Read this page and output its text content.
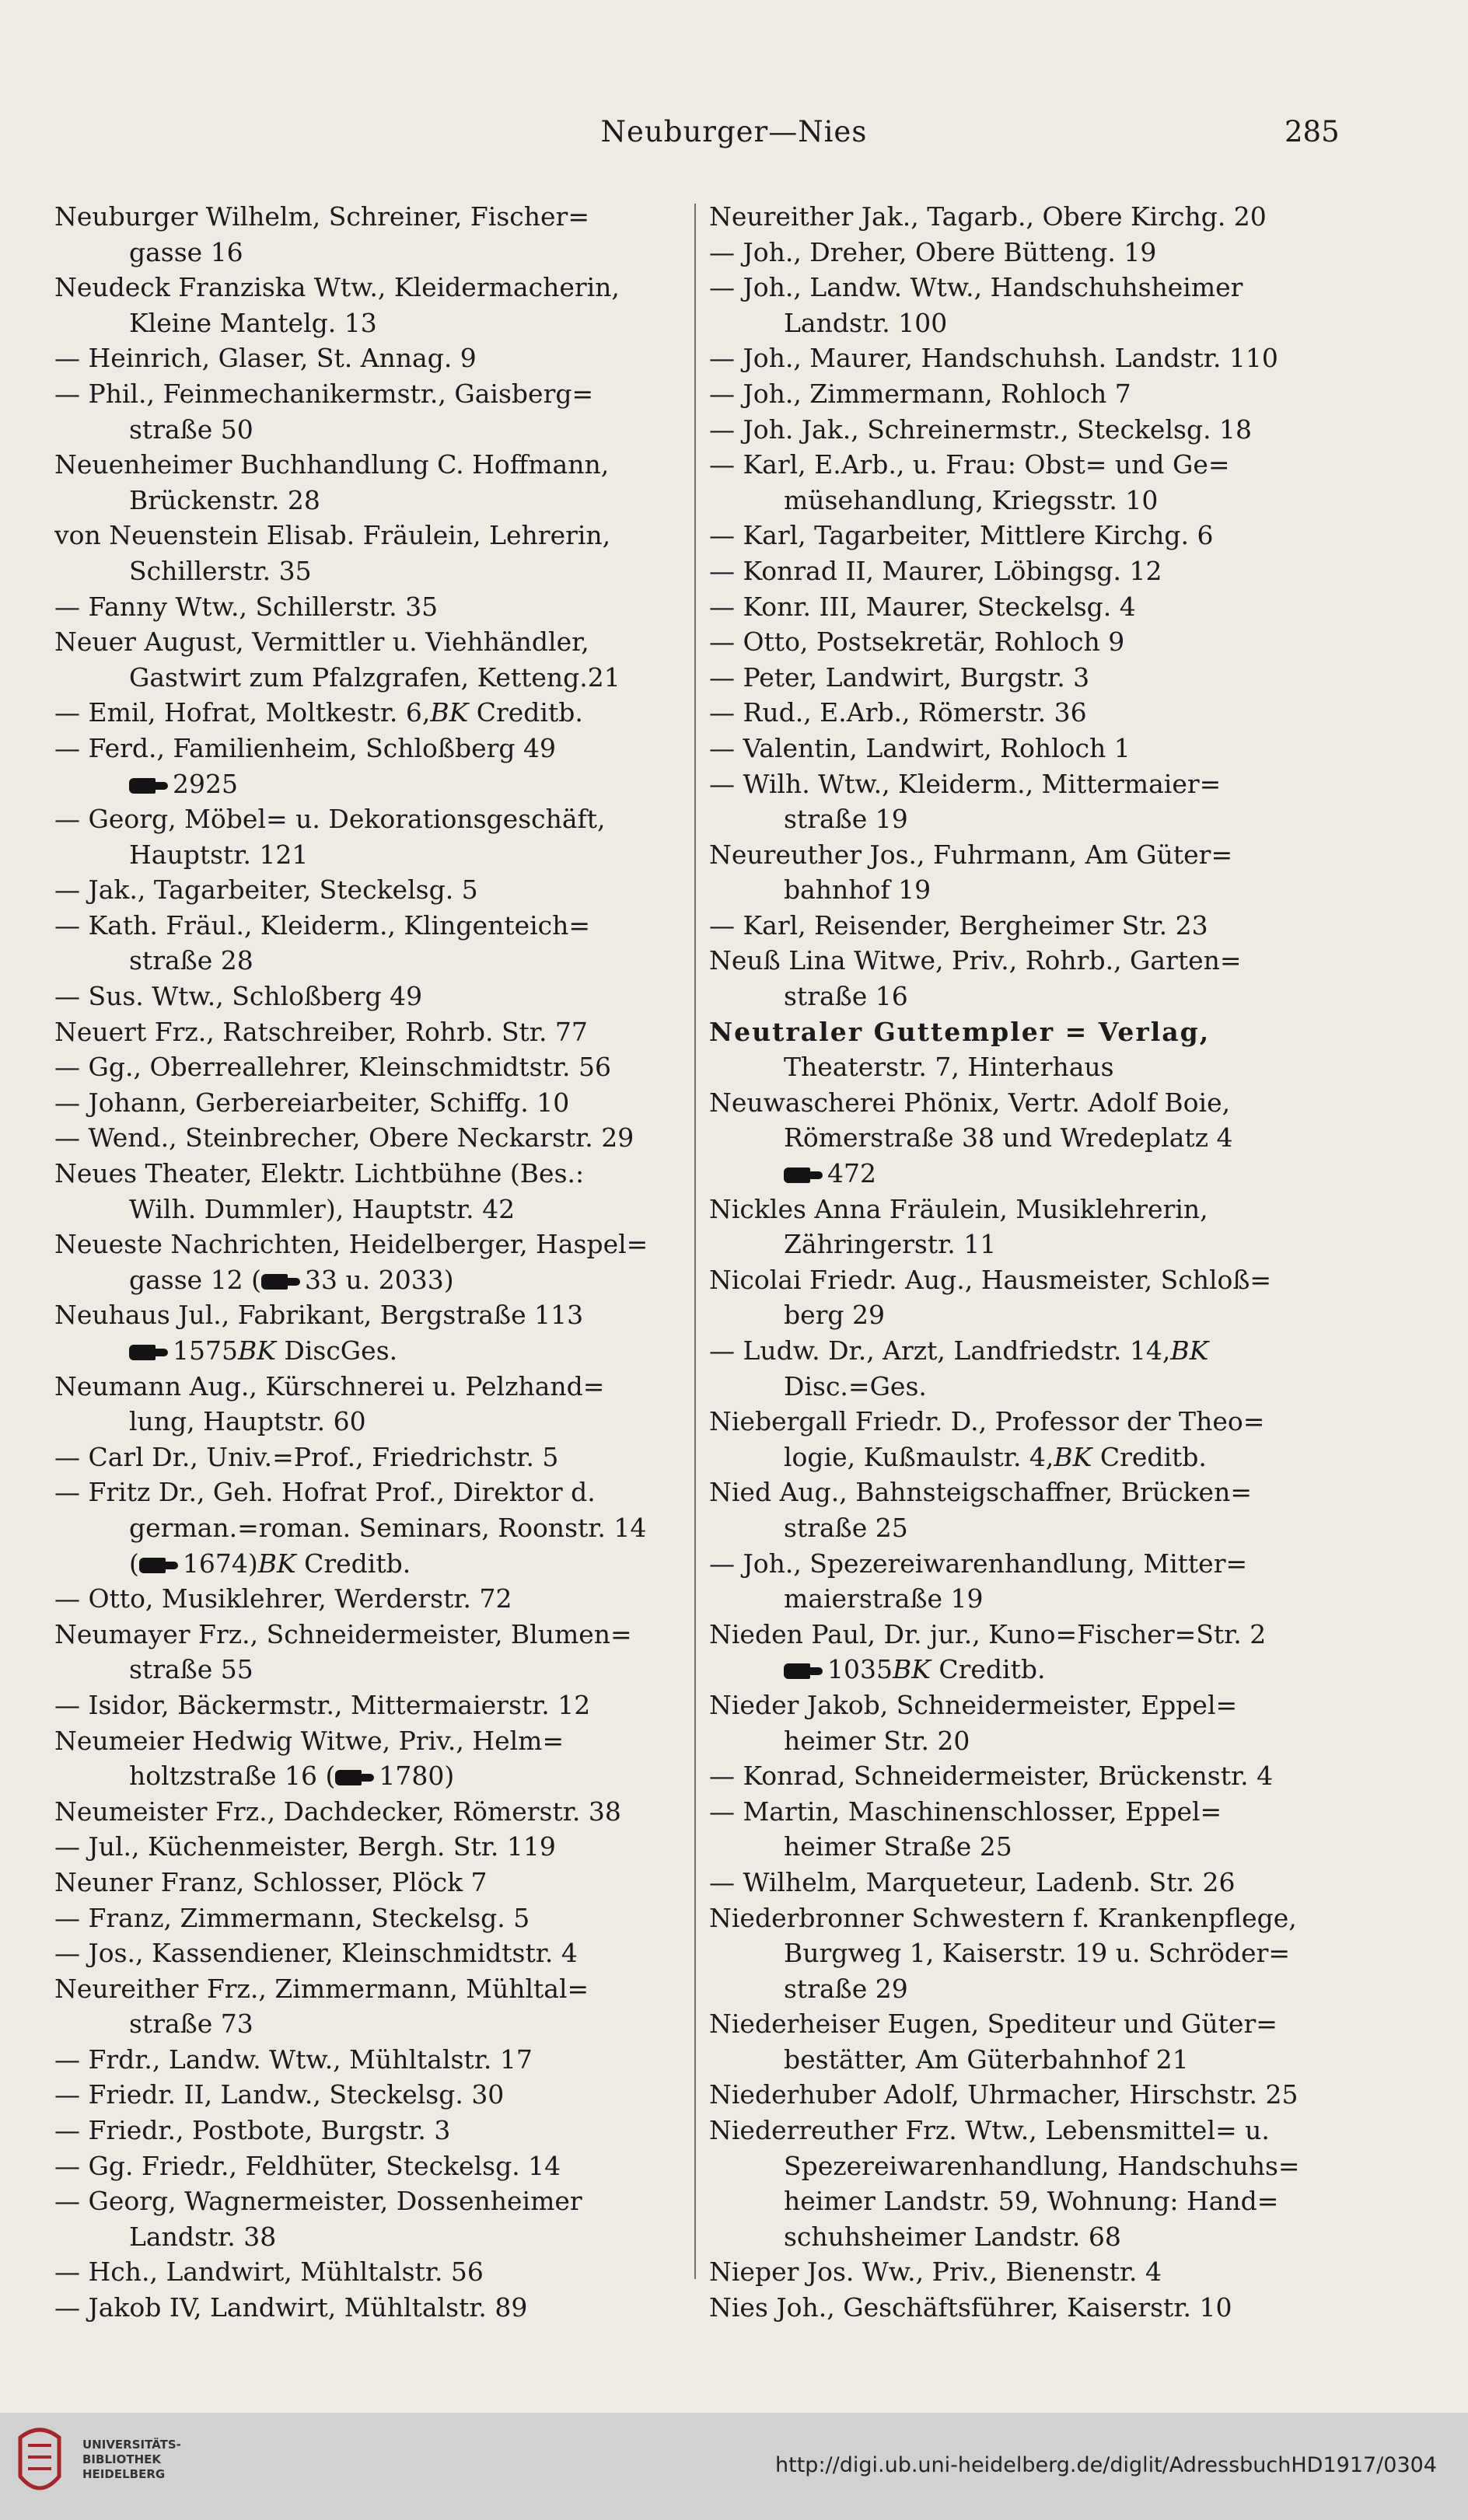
Neuburger—Nies	285
Neuburger Wilhelm, Schreiner, Fischer=
gasse 16
Neudeck Franziska Wtw., Kleidermacherin,
Kleine Mantelg. 13
— Heinrich, Glaser, St. Annag. 9
— Phil., Feinmechanikermstr., Gaisberg=
straße 50
Neuenheimer Buchhandlung C. Hoffmann,
Brückenstr. 28
von Neuenstein Elisab. Fräulein, Lehrerin,
Schillerstr. 35
— Fanny Wtw., Schillerstr. 35
Neuer August, Vermittler u. Viehhändler,
Gastwirt zum Pfalzgrafen, Ketteng.21
— Emil, Hofrat, Moltkestr. 6,BK Creditb.
— Ferd., Familienheim, Schloßberg 49
2925
— Georg, Möbel= u. Dekorationsgeschäft,
Hauptstr. 121
— Jak., Tagarbeiter, Steckelsg. 5
— Kath. Fräul., Kleiderm., Klingenteich=
straße 28
— Sus. Wtw., Schloßberg 49
Neuert Frz., Ratschreiber, Rohrb. Str. 77
— Gg., Oberreallehrer, Kleinschmidtstr. 56
— Johann, Gerbereiarbeiter, Schiffg. 10
— Wend., Steinbrecher, Obere Neckarstr. 29
Neues Theater, Elektr. Lichtbühne (Bes.:
Wilh. Dummler), Hauptstr. 42
Neueste Nachrichten, Heidelberger, Haspel=
gasse 12 ( 33 u. 2033)
Neuhaus Jul., Fabrikant, Bergstraße 113
1575BK DiscGes.
Neumann Aug., Kürschnerei u. Pelzhand=
lung, Hauptstr. 60
— Carl Dr., Univ.=Prof., Friedrichstr. 5
— Fritz Dr., Geh. Hofrat Prof., Direktor d.
german.=roman. Seminars, Roonstr. 14
( 1674)BK Creditb.
— Otto, Musiklehrer, Werderstr. 72
Neumayer Frz., Schneidermeister, Blumen=
straße 55
— Isidor, Bäckermstr., Mittermaierstr. 12
Neumeier Hedwig Witwe, Priv., Helm=
holtzstraße 16 ( 1780)
Neumeister Frz., Dachdecker, Römerstr. 38
— Jul., Küchenmeister, Bergh. Str. 119
Neuner Franz, Schlosser, Plöck 7
— Franz, Zimmermann, Steckelsg. 5
— Jos., Kassendiener, Kleinschmidtstr. 4
Neureither Frz., Zimmermann, Mühltal=
straße 73
— Frdr., Landw. Wtw., Mühltalstr. 17
— Friedr. II, Landw., Steckelsg. 30
— Friedr., Postbote, Burgstr. 3
— Gg. Friedr., Feldhüter, Steckelsg. 14
— Georg, Wagnermeister, Dossenheimer
Landstr. 38
— Hch., Landwirt, Mühltalstr. 56
— Jakob IV, Landwirt, Mühltalstr. 89
Neureither Jak., Tagarb., Obere Kirchg. 20
— Joh., Dreher, Obere Bütteng. 19
— Joh., Landw. Wtw., Handschuhsheimer
Landstr. 100
— Joh., Maurer, Handschuhsh. Landstr. 110
— Joh., Zimmermann, Rohloch 7
— Joh. Jak., Schreinermstr., Steckelsg. 18
— Karl, E.Arb., u. Frau: Obst= und Ge=
müsehandlung, Kriegsstr. 10
— Karl, Tagarbeiter, Mittlere Kirchg. 6
— Konrad II, Maurer, Löbingsg. 12
— Konr. III, Maurer, Steckelsg. 4
— Otto, Postsekretär, Rohloch 9
— Peter, Landwirt, Burgstr. 3
— Rud., E.Arb., Römerstr. 36
— Valentin, Landwirt, Rohloch 1
— Wilh. Wtw., Kleiderm., Mittermaier=
straße 19
Neureuther Jos., Fuhrmann, Am Güter=
bahnhof 19
— Karl, Reisender, Bergheimer Str. 23
Neuß Lina Witwe, Priv., Rohrb., Garten=
straße 16
Neutraler Guttempler = Verlag,
Theaterstr. 7, Hinterhaus
Neuwascherei Phönix, Vertr. Adolf Boie,
Römerstraße 38 und Wredeplatz 4
472
Nickles Anna Fräulein, Musiklehrerin,
Zähringerstr. 11
Nicolai Friedr. Aug., Hausmeister, Schloß=
berg 29
— Ludw. Dr., Arzt, Landfriedstr. 14,BK
Disc.=Ges.
Niebergall Friedr. D., Professor der Theo=
logie, Kußmaulstr. 4,BK Creditb.
Nied Aug., Bahnsteigschaffner, Brücken=
straße 25
— Joh., Spezereiwarenhandlung, Mitter=
maierstraße 19
Nieden Paul, Dr. jur., Kuno=Fischer=Str. 2
1035BK Creditb.
Nieder Jakob, Schneidermeister, Eppel=
heimer Str. 20
— Konrad, Schneidermeister, Brückenstr. 4
— Martin, Maschinenschlosser, Eppel=
heimer Straße 25
— Wilhelm, Marqueteur, Ladenb. Str. 26
Niederbronner Schwestern f. Krankenpflege,
Burgweg 1, Kaiserstr. 19 u. Schröder=
straße 29
Niederheiser Eugen, Spediteur und Güter=
bestätter, Am Güterbahnhof 21
Niederhuber Adolf, Uhrmacher, Hirschstr. 25
Niederreuther Frz. Wtw., Lebensmittel= u.
Spezereiwarenhandlung, Handschuhs=
heimer Landstr. 59, Wohnung: Hand=
schuhsheimer Landstr. 68
Nieper Jos. Ww., Priv., Bienenstr. 4
Nies Joh., Geschäftsführer, Kaiserstr. 10
UNIVERSITÄTS-
BIBLIOTHEK
HEIDELBERG	http://digi.ub.uni-heidelberg.de/diglit/AdressbuchHD1917/0304
